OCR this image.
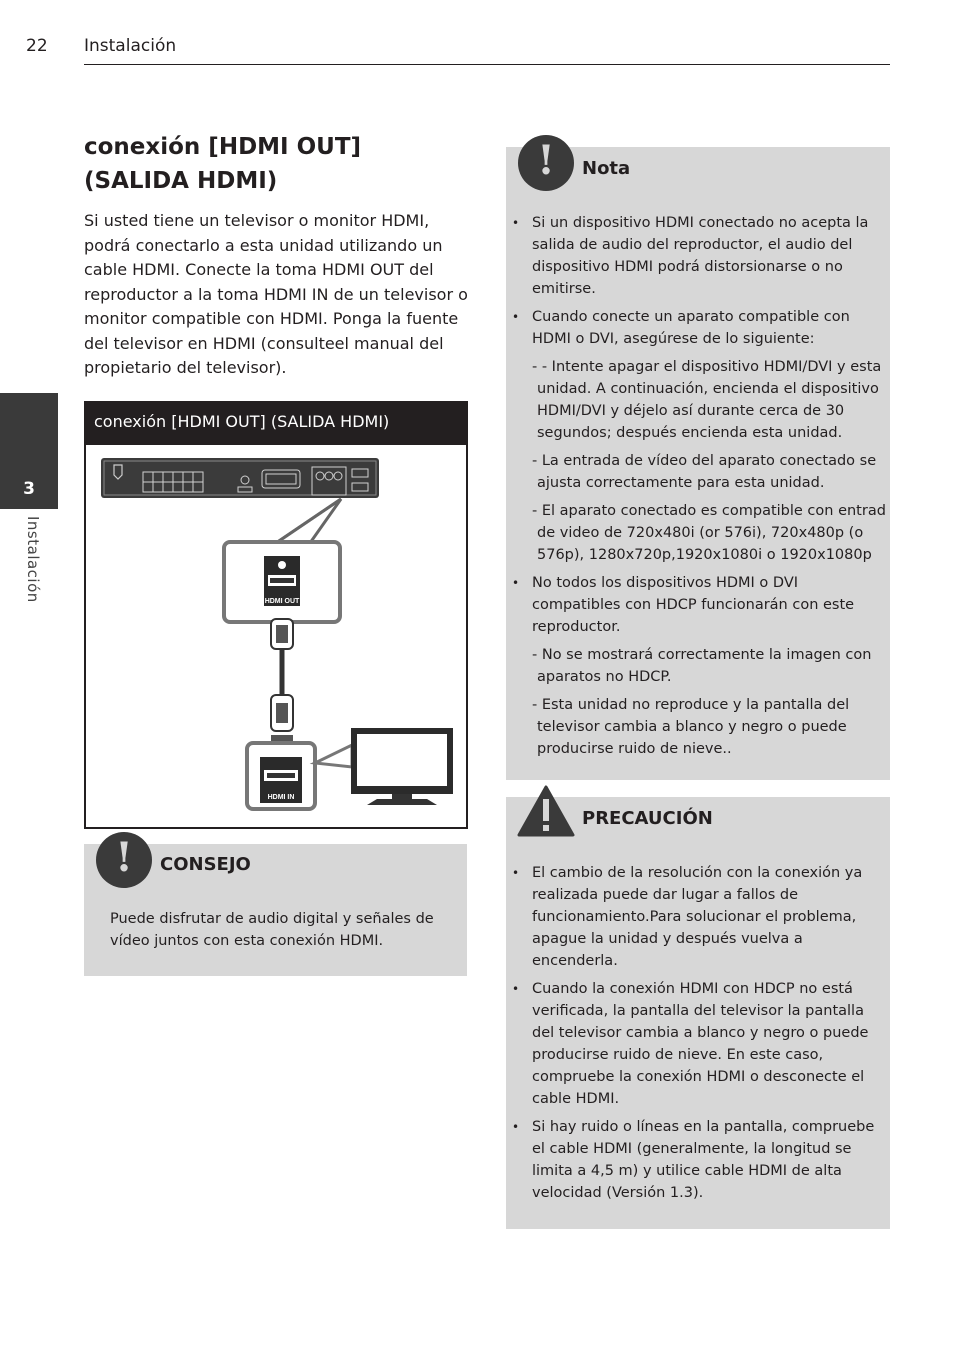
22 Instalación
3
Instalación
conexión [HDMI OUT] (SALIDA HDMI)
Si usted tiene un televisor o monitor HDMI, podrá conectarlo a esta unidad utilizando un cable HDMI. Conecte la toma HDMI OUT del reproductor a la toma HDMI IN de un televisor o monitor compatible con HDMI. Ponga la fuente del televisor en HDMI (consulteel manual del propietario del televisor).
conexión [HDMI OUT] (SALIDA HDMI)
HDMI OUT
HDMI IN
!
CONSEJO
Puede disfrutar de audio digital y señales de vídeo juntos con esta conexión HDMI.
!
Nota
• Si un dispositivo HDMI conectado no acepta la salida de audio del reproductor, el audio del dispositivo HDMI podrá distorsionarse o no emitirse.
• Cuando conecte un aparato compatible con HDMI o DVI, asegúrese de lo siguiente:
- - Intente apagar el dispositivo HDMI/DVI y esta unidad. A continuación, encienda el dispositivo HDMI/DVI y déjelo así durante cerca de 30 segundos; después encienda esta unidad.
- La entrada de vídeo del aparato conectado se ajusta correctamente para esta unidad.
- El aparato conectado es compatible con entrad de video de 720x480i (or 576i), 720x480p (o 576p), 1280x720p,1920x1080i o 1920x1080p
• No todos los dispositivos HDMI o DVI compatibles con HDCP funcionarán con este reproductor.
- No se mostrará correctamente la imagen con aparatos no HDCP.
- Esta unidad no reproduce y la pantalla del televisor cambia a blanco y negro o puede producirse ruido de nieve..
PRECAUCIÓN
• El cambio de la resolución con la conexión ya realizada puede dar lugar a fallos de funcionamiento.Para solucionar el problema, apague la unidad y después vuelva a encenderla.
• Cuando la conexión HDMI con HDCP no está verificada, la pantalla del televisor la pantalla del televisor cambia a blanco y negro o puede producirse ruido de nieve. En este caso, compruebe la conexión HDMI o desconecte el cable HDMI.
• Si hay ruido o líneas en la pantalla, compruebe el cable HDMI (generalmente, la longitud se limita a 4,5 m) y utilice cable HDMI de alta velocidad (Versión 1.3).
